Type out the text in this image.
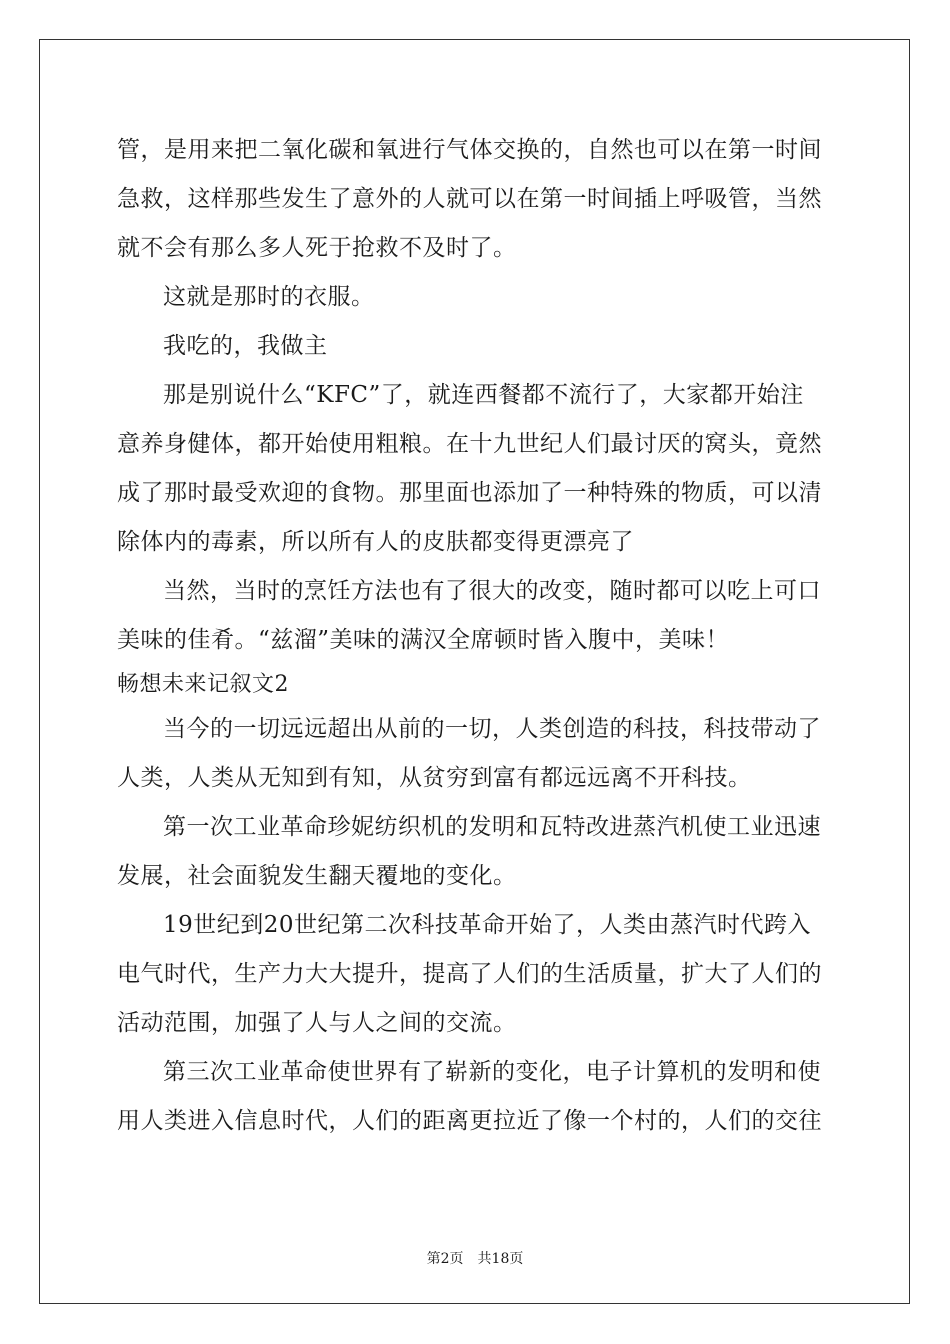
管，是用来把二氧化碳和氧进行气体交换的，自然也可以在第一时间
急救，这样那些发生了意外的人就可以在第一时间插上呼吸管，当然
就不会有那么多人死于抢救不及时了。
这就是那时的衣服。
我吃的，我做主
那是别说什么“KFC”了，就连西餐都不流行了，大家都开始注
意养身健体，都开始使用粗粮。在十九世纪人们最讨厌的窝头，竟然
成了那时最受欢迎的食物。那里面也添加了一种特殊的物质，可以清
除体内的毒素，所以所有人的皮肤都变得更漂亮了
当然，当时的烹饪方法也有了很大的改变，随时都可以吃上可口
美味的佳肴。“兹溜”美味的满汉全席顿时皆入腹中，美味！
畅想未来记叙文2
当今的一切远远超出从前的一切，人类创造的科技，科技带动了
人类，人类从无知到有知，从贫穷到富有都远远离不开科技。
第一次工业革命珍妮纺织机的发明和瓦特改进蒸汽机使工业迅速
发展，社会面貌发生翻天覆地的变化。
19世纪到20世纪第二次科技革命开始了，人类由蒸汽时代跨入
电气时代，生产力大大提升，提高了人们的生活质量，扩大了人们的
活动范围，加强了人与人之间的交流。
第三次工业革命使世界有了崭新的变化，电子计算机的发明和使
用人类进入信息时代，人们的距离更拉近了像一个村的，人们的交往
第2页 共18页
